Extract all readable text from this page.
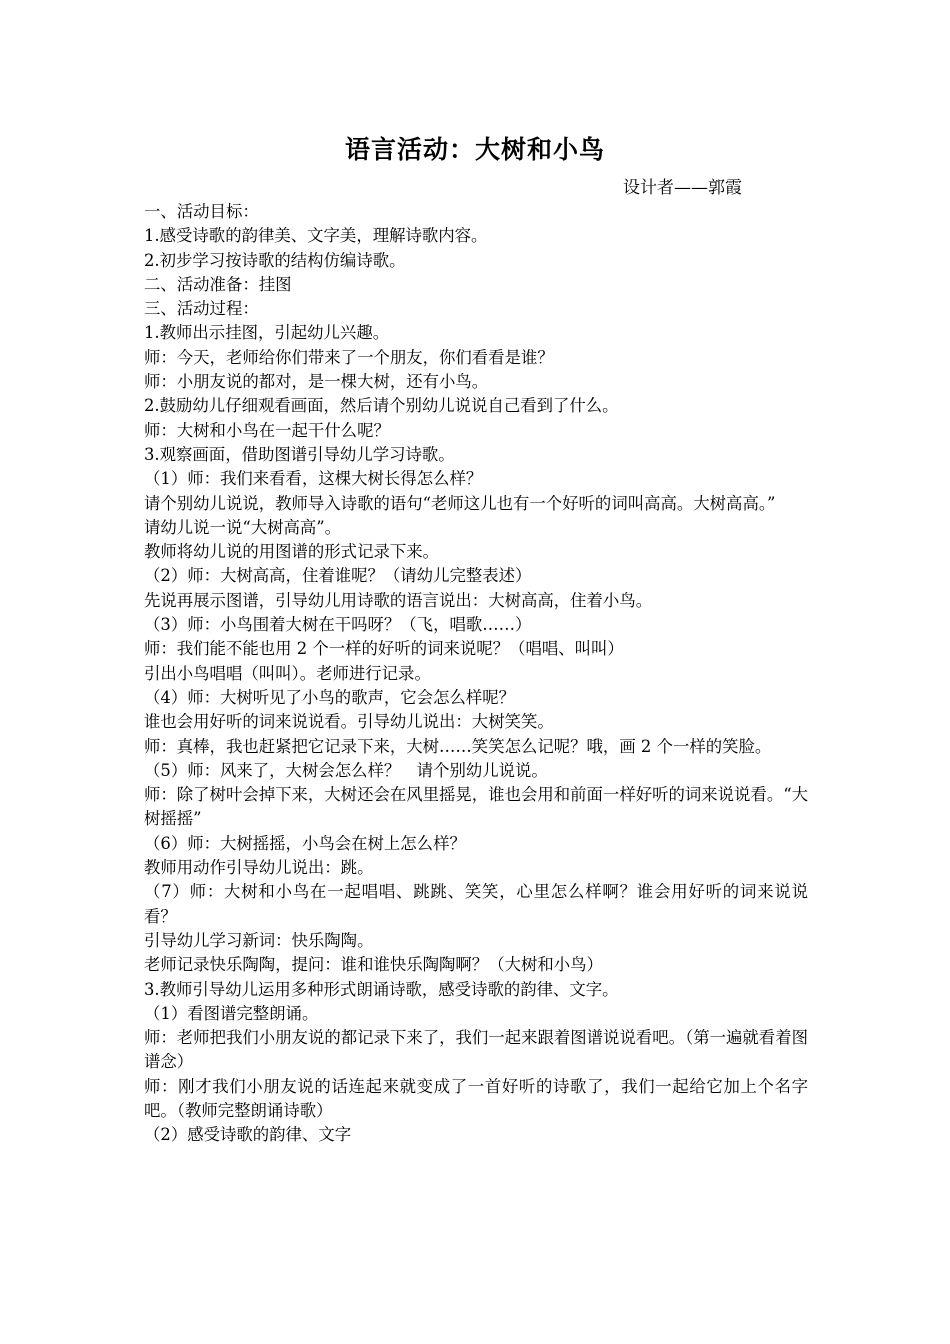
语言活动：大树和小鸟
设计者——郭霞

一、活动目标：

1.感受诗歌的韵律美、文字美，理解诗歌内容。

2.初步学习按诗歌的结构仿编诗歌。

二、活动准备：挂图

三、活动过程：

1.教师出示挂图，引起幼儿兴趣。

师：今天，老师给你们带来了一个朋友，你们看看是谁？

师：小朋友说的都对，是一棵大树，还有小鸟。

2.鼓励幼儿仔细观看画面，然后请个别幼儿说说自己看到了什么。

师：大树和小鸟在一起干什么呢？

3.观察画面，借助图谱引导幼儿学习诗歌。

（1）师：我们来看看，这棵大树长得怎么样？

请个别幼儿说说，教师导入诗歌的语句“老师这儿也有一个好听的词叫高高。大树高高。”

请幼儿说一说“大树高高”。

教师将幼儿说的用图谱的形式记录下来。

（2）师：大树高高，住着谁呢？（请幼儿完整表述）

先说再展示图谱，引导幼儿用诗歌的语言说出：大树高高，住着小鸟。

（3）师：小鸟围着大树在干吗呀？（飞，唱歌……）

师：我们能不能也用 2 个一样的好听的词来说呢？（唱唱、叫叫）

引出小鸟唱唱（叫叫）。老师进行记录。

（4）师：大树听见了小鸟的歌声，它会怎么样呢？

谁也会用好听的词来说说看。引导幼儿说出：大树笑笑。

师：真棒，我也赶紧把它记录下来，大树……笑笑怎么记呢？哦，画 2 个一样的笑脸。

（5）师：风来了，大树会怎么样？　请个别幼儿说说。

师：除了树叶会掉下来，大树还会在风里摇晃，谁也会用和前面一样好听的词来说说看。“大树摇摇”

（6）师：大树摇摇，小鸟会在树上怎么样？

教师用动作引导幼儿说出：跳。

（7）师：大树和小鸟在一起唱唱、跳跳、笑笑，心里怎么样啊？谁会用好听的词来说说看？

引导幼儿学习新词：快乐陶陶。

老师记录快乐陶陶，提问：谁和谁快乐陶陶啊？（大树和小鸟）

3.教师引导幼儿运用多种形式朗诵诗歌，感受诗歌的韵律、文字。

（1）看图谱完整朗诵。

师：老师把我们小朋友说的都记录下来了，我们一起来跟着图谱说说看吧。（第一遍就看着图谱念）

师：刚才我们小朋友说的话连起来就变成了一首好听的诗歌了，我们一起给它加上个名字吧。（教师完整朗诵诗歌）

（2）感受诗歌的韵律、文字
